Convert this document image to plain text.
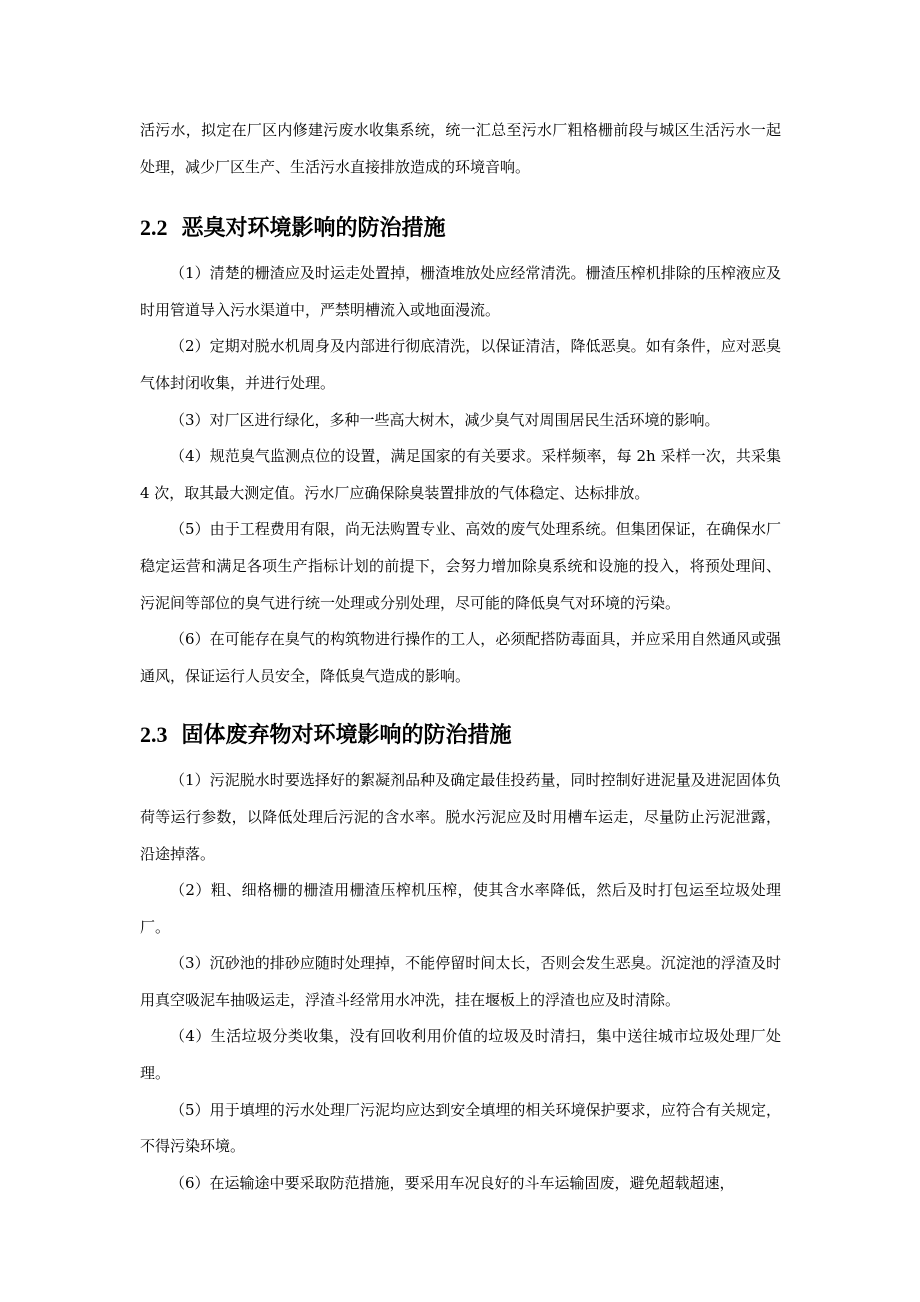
活污水，拟定在厂区内修建污废水收集系统，统一汇总至污水厂粗格栅前段与城区生活污水一起处理，减少厂区生产、生活污水直接排放造成的环境音响。

2.2 恶臭对环境影响的防治措施

（1）清楚的栅渣应及时运走处置掉，栅渣堆放处应经常清洗。栅渣压榨机排除的压榨液应及时用管道导入污水渠道中，严禁明槽流入或地面漫流。

（2）定期对脱水机周身及内部进行彻底清洗，以保证清洁，降低恶臭。如有条件，应对恶臭气体封闭收集，并进行处理。

（3）对厂区进行绿化，多种一些高大树木，减少臭气对周围居民生活环境的影响。

（4）规范臭气监测点位的设置，满足国家的有关要求。采样频率，每 2h 采样一次，共采集 4 次，取其最大测定值。污水厂应确保除臭装置排放的气体稳定、达标排放。

（5）由于工程费用有限，尚无法购置专业、高效的废气处理系统。但集团保证，在确保水厂稳定运营和满足各项生产指标计划的前提下，会努力增加除臭系统和设施的投入，将预处理间、污泥间等部位的臭气进行统一处理或分别处理，尽可能的降低臭气对环境的污染。

（6）在可能存在臭气的构筑物进行操作的工人，必须配搭防毒面具，并应采用自然通风或强通风，保证运行人员安全，降低臭气造成的影响。

2.3 固体废弃物对环境影响的防治措施

（1）污泥脱水时要选择好的絮凝剂品种及确定最佳投药量，同时控制好进泥量及进泥固体负荷等运行参数，以降低处理后污泥的含水率。脱水污泥应及时用槽车运走，尽量防止污泥泄露，沿途掉落。

（2）粗、细格栅的栅渣用栅渣压榨机压榨，使其含水率降低，然后及时打包运至垃圾处理厂。

（3）沉砂池的排砂应随时处理掉，不能停留时间太长，否则会发生恶臭。沉淀池的浮渣及时用真空吸泥车抽吸运走，浮渣斗经常用水冲洗，挂在堰板上的浮渣也应及时清除。

（4）生活垃圾分类收集，没有回收利用价值的垃圾及时清扫，集中送往城市垃圾处理厂处理。

（5）用于填埋的污水处理厂污泥均应达到安全填埋的相关环境保护要求，应符合有关规定，不得污染环境。

（6）在运输途中要采取防范措施，要采用车况良好的斗车运输固废，避免超载超速，
